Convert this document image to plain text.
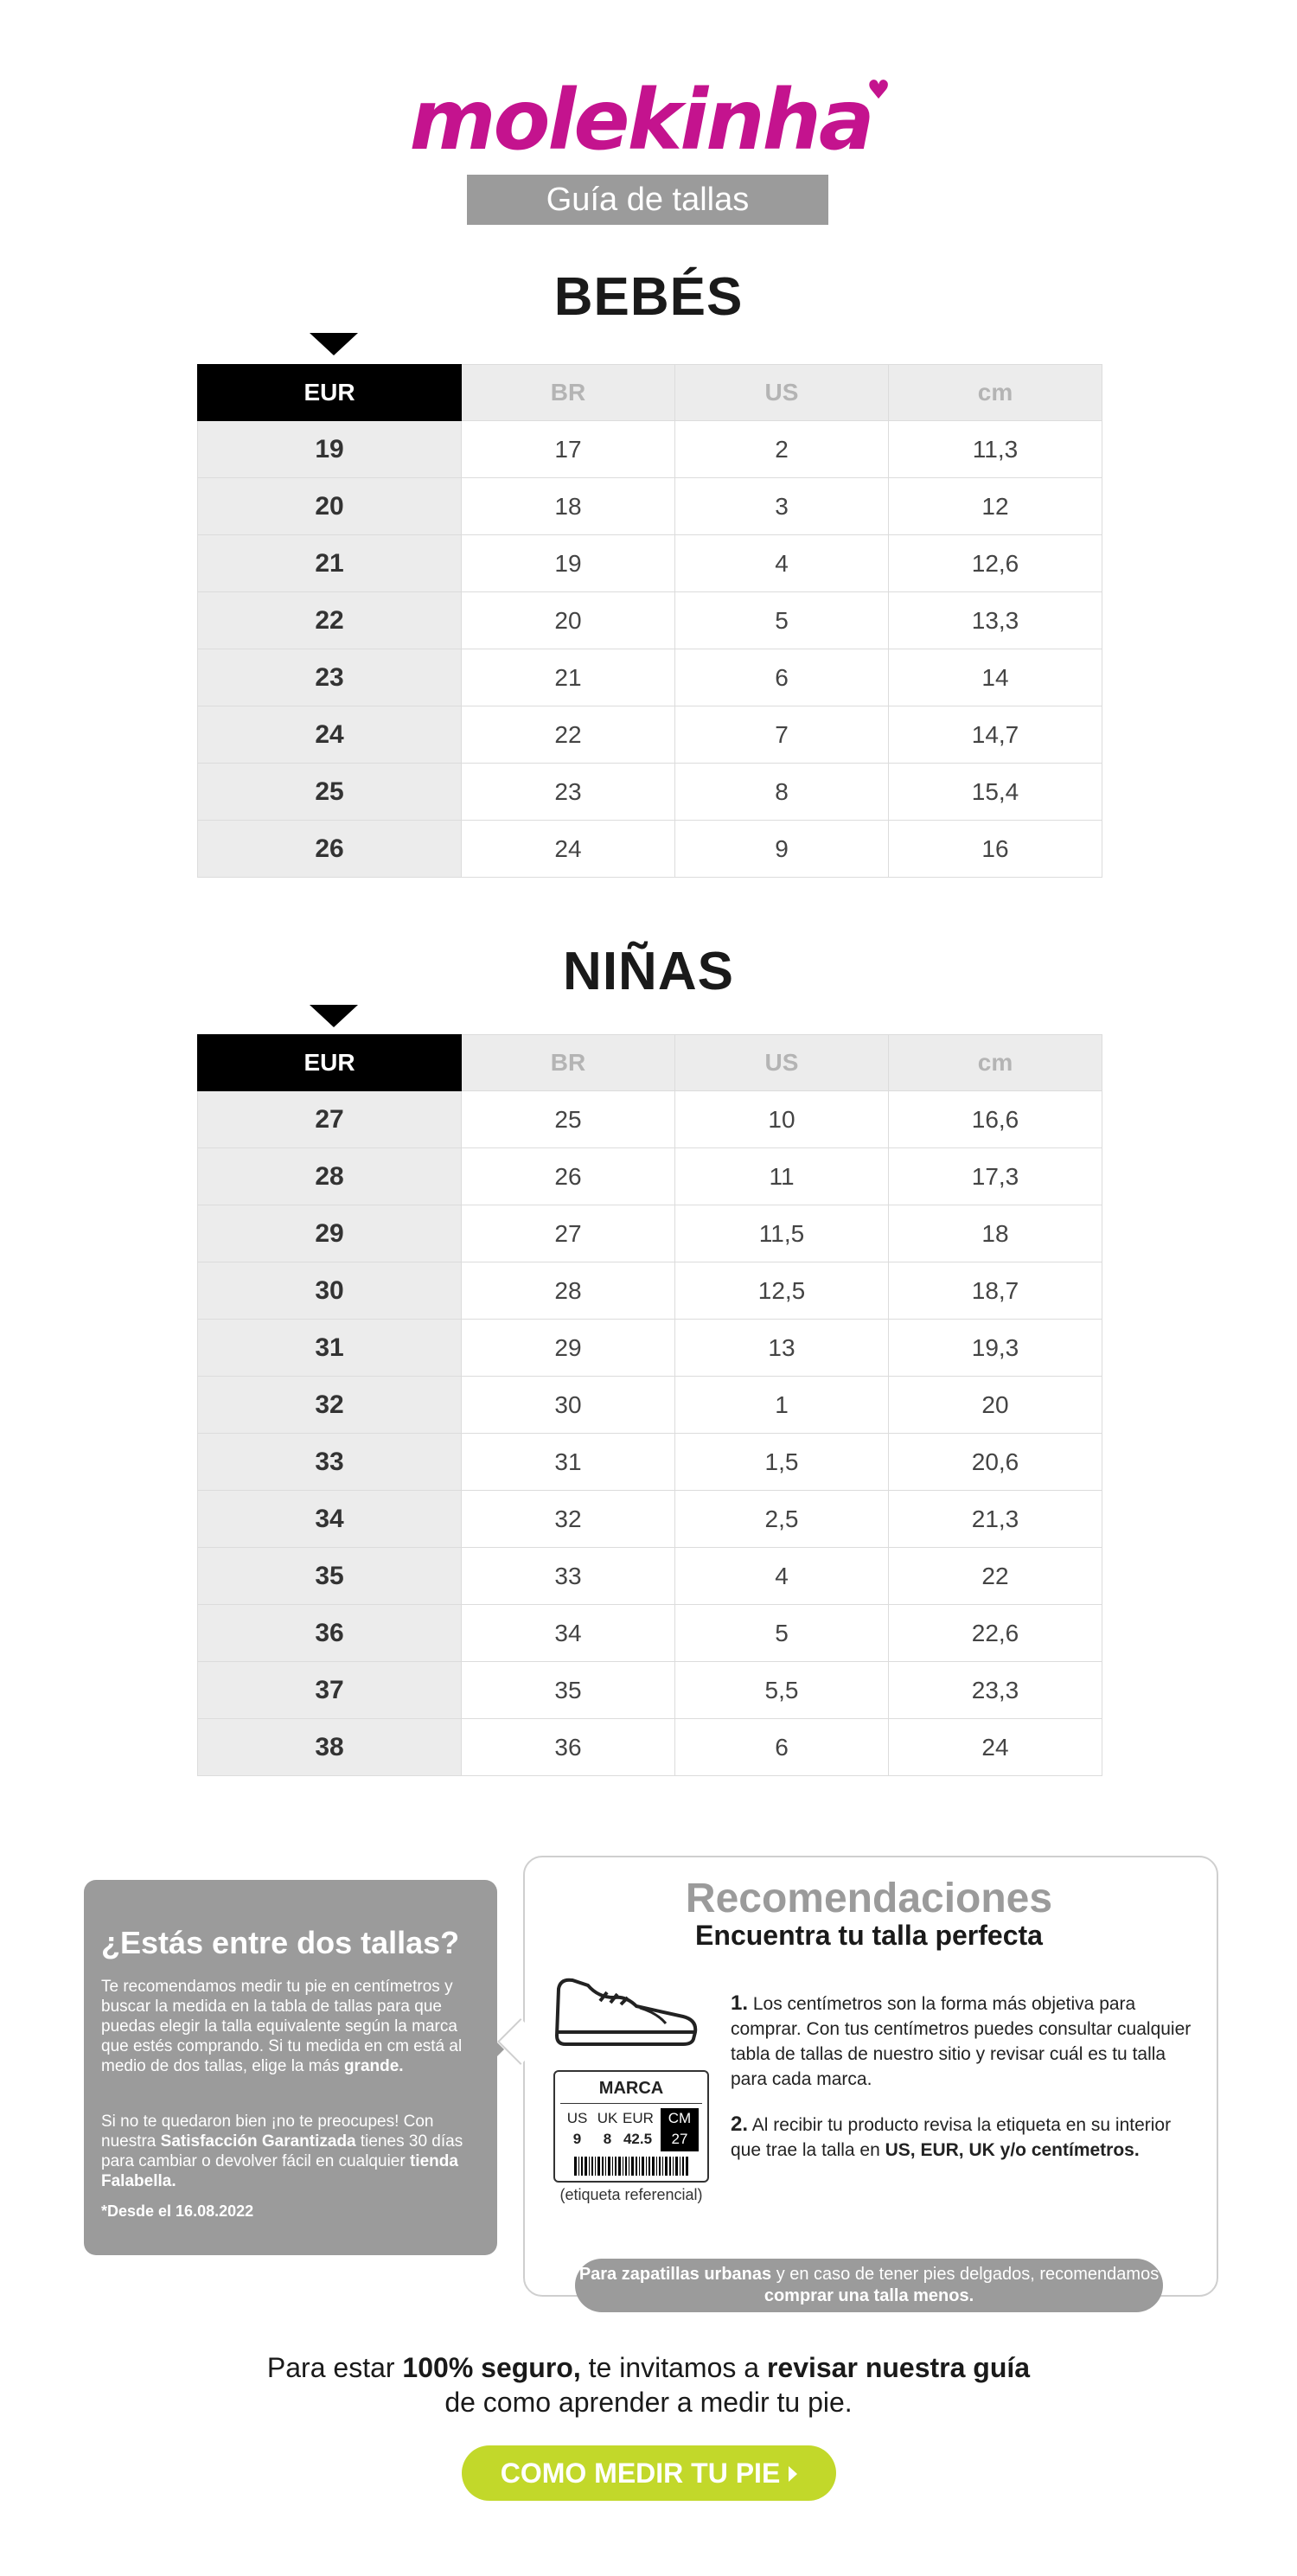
molekinha♥
Guía de tallas
BEBÉS
EUR	BR	US	cm
19	17	2	11,3
20	18	3	12
21	19	4	12,6
22	20	5	13,3
23	21	6	14
24	22	7	14,7
25	23	8	15,4
26	24	9	16
NIÑAS
EUR	BR	US	cm
27	25	10	16,6
28	26	11	17,3
29	27	11,5	18
30	28	12,5	18,7
31	29	13	19,3
32	30	1	20
33	31	1,5	20,6
34	32	2,5	21,3
35	33	4	22
36	34	5	22,6
37	35	5,5	23,3
38	36	6	24
¿Estás entre dos tallas?

Te recomendamos medir tu pie en centímetros y buscar la medida en la tabla de tallas para que puedas elegir la talla equivalente según la marca que estés comprando. Si tu medida en cm está al medio de dos tallas, elige la más grande.

Si no te quedaron bien ¡no te preocupes! Con nuestra Satisfacción Garantizada tienes 30 días para cambiar o devolver fácil en cualquier tienda Falabella.

*Desde el 16.08.2022

Recomendaciones
Encuentra tu talla perfecta
MARCA
US UK EUR
9 8 42.5
CM
27
(etiqueta referencial)

1. Los centímetros son la forma más objetiva para comprar. Con tus centímetros puedes consultar cualquier tabla de tallas de nuestro sitio y revisar cuál es tu talla para cada marca.

2. Al recibir tu producto revisa la etiqueta en su interior que trae la talla en US, EUR, UK y/o centímetros.

Para zapatillas urbanas y en caso de tener pies delgados, recomendamos comprar una talla menos.

Para estar 100% seguro, te invitamos a revisar nuestra guía
de como aprender a medir tu pie.

COMO MEDIR TU PIE
